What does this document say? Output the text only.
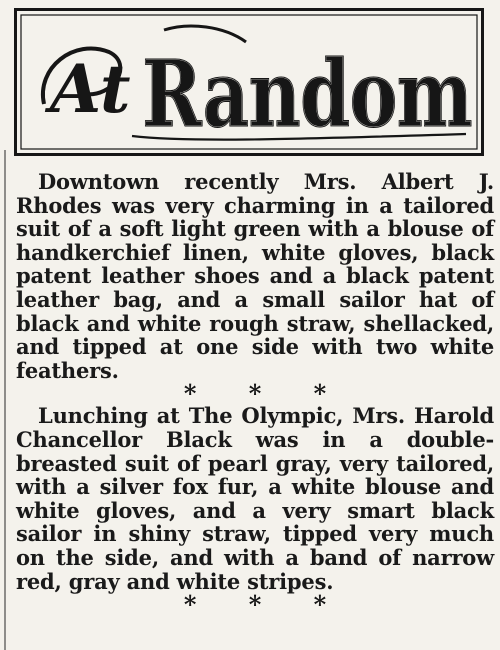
At Random
Random

Downtown recently Mrs. Albert J. Rhodes was very charming in a tailored suit of a soft light green with a blouse of handkerchief linen, white gloves, black patent leather shoes and a black patent leather bag, and a small sailor hat of black and white rough straw, shellacked, and tipped at one side with two white feathers.

* * *

Lunching at The Olympic, Mrs. Harold Chancellor Black was in a double-breasted suit of pearl gray, very tailored, with a silver fox fur, a white blouse and white gloves, and a very smart black sailor in shiny straw, tipped very much on the side, and with a band of narrow red, gray and white stripes.

* * *
